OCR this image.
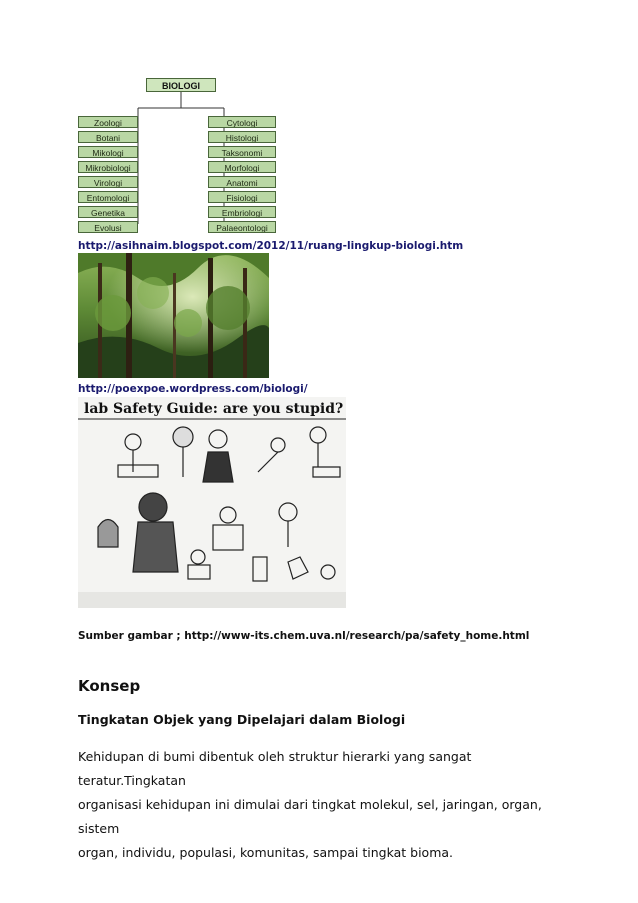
BIOLOGI
Zoologi
Botani
Mikologi
Mikrobiologi
Virologi
Entomologi
Genetika
Evolusi
Cytologi
Histologi
Taksonomi
Morfologi
Anatomi
Fisiologi
Embriologi
Palaeontologi
http://asihnaim.blogspot.com/2012/11/ruang-lingkup-biologi.htm
http://poexpoe.wordpress.com/biologi/
lab Safety Guide: are you stupid?
Sumber gambar ; http://www-its.chem.uva.nl/research/pa/safety_home.html
Konsep
Tingkatan Objek yang Dipelajari dalam Biologi
Kehidupan di bumi dibentuk oleh struktur hierarki yang sangat teratur.Tingkatan
organisasi kehidupan ini dimulai dari tingkat molekul, sel, jaringan, organ, sistem
organ, individu, populasi, komunitas, sampai tingkat bioma.
